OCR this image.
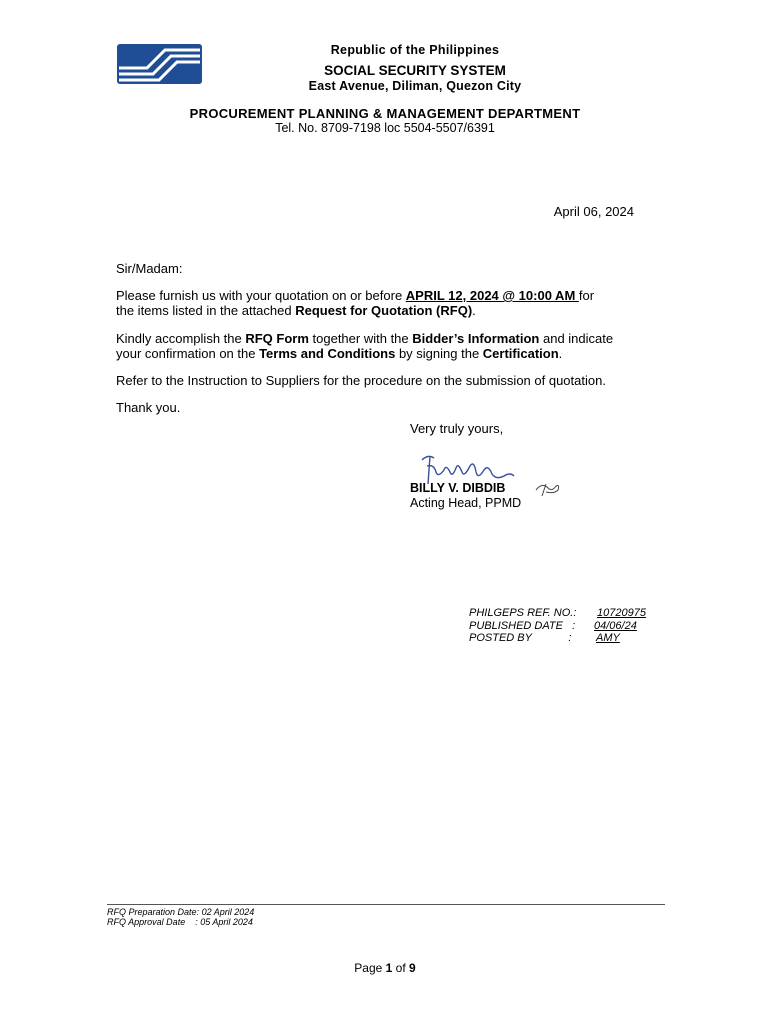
Republic of the Philippines
SOCIAL SECURITY SYSTEM
East Avenue, Diliman, Quezon City
PROCUREMENT PLANNING & MANAGEMENT DEPARTMENT
Tel. No. 8709-7198 loc 5504-5507/6391
April 06, 2024
Sir/Madam:
Please furnish us with your quotation on or before APRIL 12, 2024 @ 10:00 AM for
the items listed in the attached Request for Quotation (RFQ).
Kindly accomplish the RFQ Form together with the Bidder’s Information and indicate
your confirmation on the Terms and Conditions by signing the Certification.
Refer to the Instruction to Suppliers for the procedure on the submission of quotation.
Thank you.
Very truly yours,
BILLY V. DIBDIB
Acting Head, PPMD
PHILGEPS REF. NO.:	10720975
PUBLISHED DATE   :	04/06/24
POSTED BY            :	AMY
RFQ Preparation Date: 02 April 2024
RFQ Approval Date    : 05 April 2024
Page 1 of 9
